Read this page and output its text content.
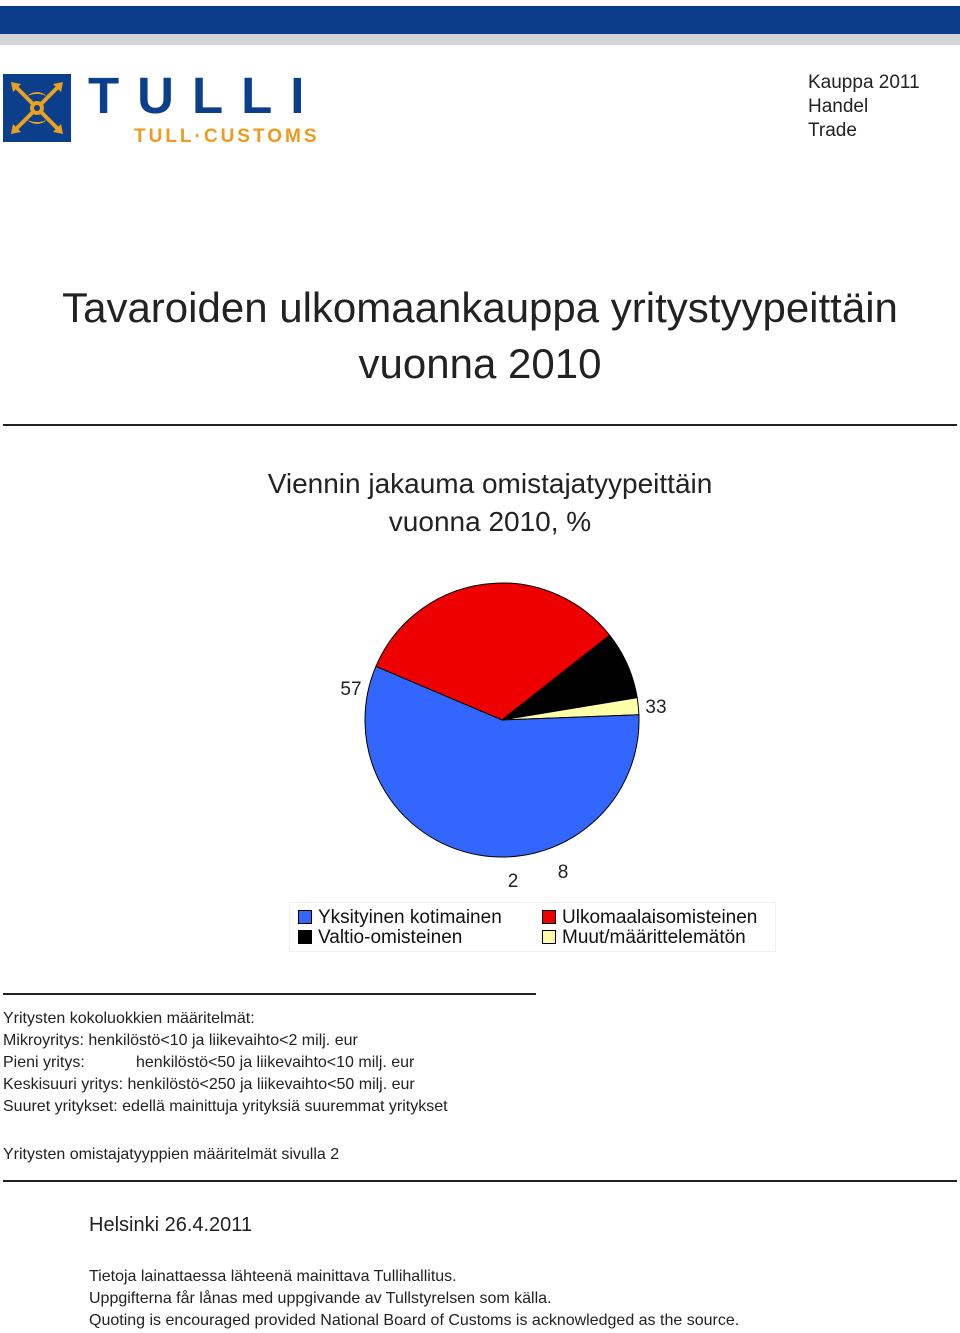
TULLI
TULL·CUSTOMS
Kauppa 2011
Handel
Trade
Tavaroiden ulkomaankauppa yritystyypeittäin
vuonna 2010
Viennin jakauma omistajatyypeittäin
vuonna 2010, %
33
8
2
57
Yksityinen kotimainen	Ulkomaalaisomisteinen
Valtio-omisteinen	Muut/määrittelemätön
Yritysten kokoluokkien määritelmät:
Mikroyritys: henkilöstö<10 ja liikevaihto<2 milj. eur
Pieni yritys:	henkilöstö<50 ja liikevaihto<10 milj. eur
Keskisuuri yritys: henkilöstö<250 ja liikevaihto<50 milj. eur
Suuret yritykset: edellä mainittuja yrityksiä suuremmat yritykset
Yritysten omistajatyyppien määritelmät sivulla 2
Helsinki 26.4.2011
Tietoja lainattaessa lähteenä mainittava Tullihallitus.
Uppgifterna får lånas med uppgivande av Tullstyrelsen som källa.
Quoting is encouraged provided National Board of Customs is acknowledged as the source.
